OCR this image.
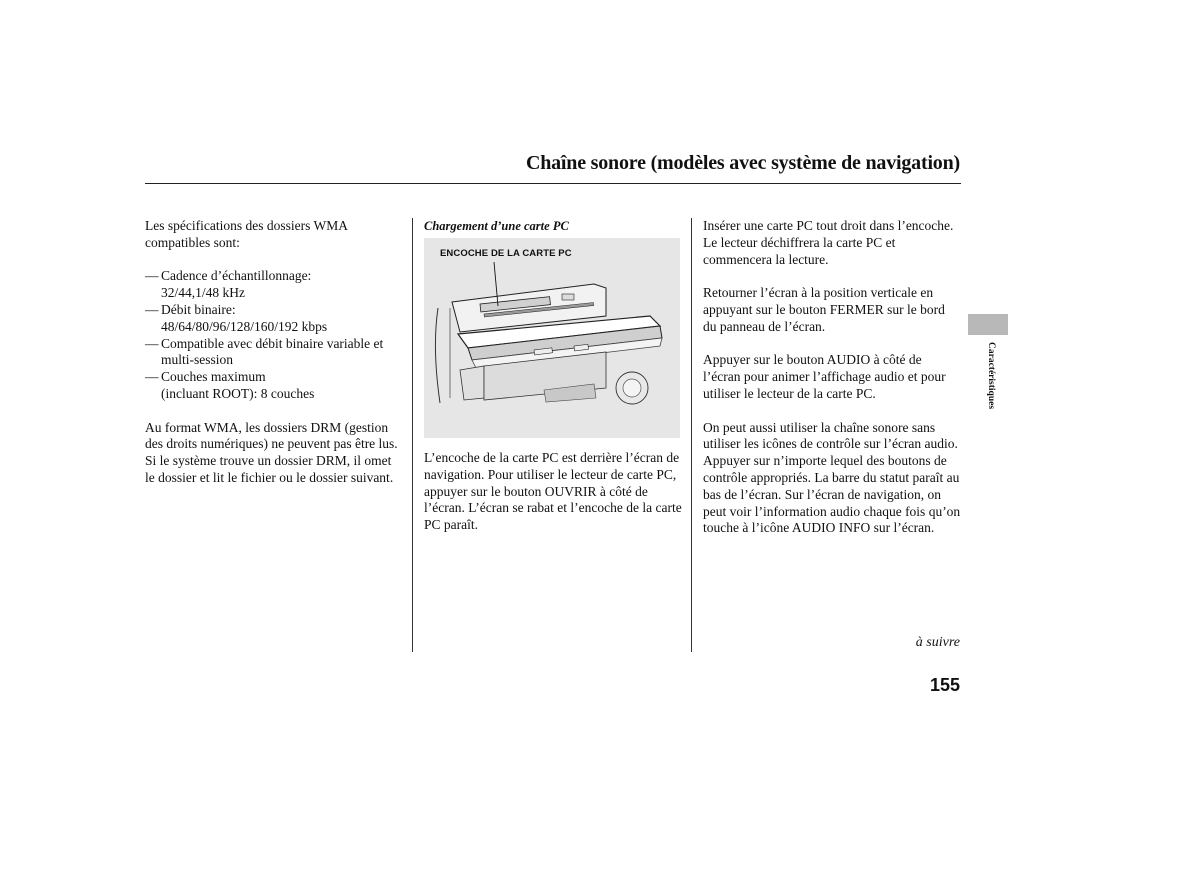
Chaîne sonore (modèles avec système de navigation)

Les spécifications des dossiers WMA compatibles sont:

— Cadence d’échantillonnage:
32/44,1/48 kHz
— Débit binaire:
48/64/80/96/128/160/192 kbps
— Compatible avec débit binaire variable et multi-session
— Couches maximum
(incluant ROOT): 8 couches

Au format WMA, les dossiers DRM (gestion des droits numériques) ne peuvent pas être lus. Si le système trouve un dossier DRM, il omet le dossier et lit le fichier ou le dossier suivant.

Chargement d’une carte PC
ENCOCHE DE LA CARTE PC

L’encoche de la carte PC est derrière l’écran de navigation. Pour utiliser le lecteur de carte PC, appuyer sur le bouton OUVRIR à côté de l’écran. L’écran se rabat et l’encoche de la carte PC paraît.

Insérer une carte PC tout droit dans l’encoche. Le lecteur déchiffrera la carte PC et commencera la lecture.

Retourner l’écran à la position verticale en appuyant sur le bouton FERMER sur le bord du panneau de l’écran.

Appuyer sur le bouton AUDIO à côté de l’écran pour animer l’affichage audio et pour utiliser le lecteur de la carte PC.

On peut aussi utiliser la chaîne sonore sans utiliser les icônes de contrôle sur l’écran audio. Appuyer sur n’importe lequel des boutons de contrôle appropriés. La barre du statut paraît au bas de l’écran. Sur l’écran de navigation, on peut voir l’information audio chaque fois qu’on touche à l’icône AUDIO INFO sur l’écran.

à suivre
155
Caractéristiques
